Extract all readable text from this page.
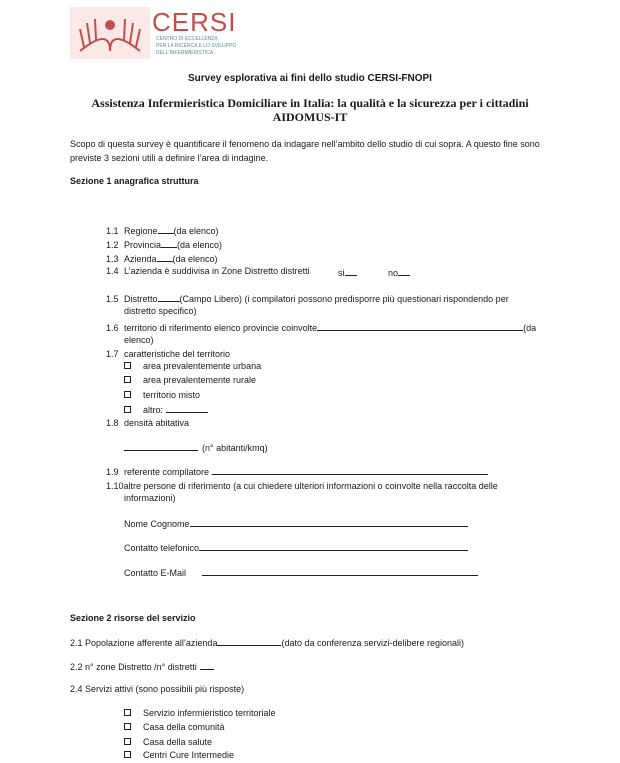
CERSI
CENTRO DI ECCELLENZA
PER LA RICERCA E LO SVILUPPO
DELL'INFERMIERISTICA
Survey esplorativa ai fini dello studio CERSI-FNOPI
Assistenza Infermieristica Domiciliare in Italia: la qualità e la sicurezza per i cittadini
AIDOMUS-IT
Scopo di questa survey è quantificare il fenomeno da indagare nell’ambito dello studio di cui sopra. A questo fine sono
previste 3 sezioni utili a definire l’area di indagine.
Sezione 1 anagrafica struttura
1.1 Regione (da elenco)
1.2 Provincia (da elenco)
1.3 Azienda (da elenco)
1.4 L’azienda è suddivisa in Zone Distretto distretti	si	no
1.5 Distretto (Campo Libero) (i compilatori possono predisporre più questionari rispondendo per
distretto specifico)
1.6 territorio di riferimento elenco provincie coinvolte	(da
elenco)
1.7 caratteristiche del territorio
area prevalentemente urbana
area prevalentemente rurale
territorio misto
altro:
1.8 densità abitativa
(n° abitanti/kmq)
1.9 referente compilatore
1.10altre persone di riferimento (a cui chiedere ulteriori informazioni o coinvolte nella raccolta delle
informazioni)
Nome Cognome
Contatto telefonico
Contatto E-Mail
Sezione 2 risorse del servizio
2.1 Popolazione afferente all’azienda	(dato da conferenza servizi-delibere regionali)
2.2 n° zone Distretto /n° distretti
2.4 Servizi attivi (sono possibili più risposte)
Servizio infermieristico territoriale
Casa della comunità
Casa della salute
Centri Cure Intermedie
